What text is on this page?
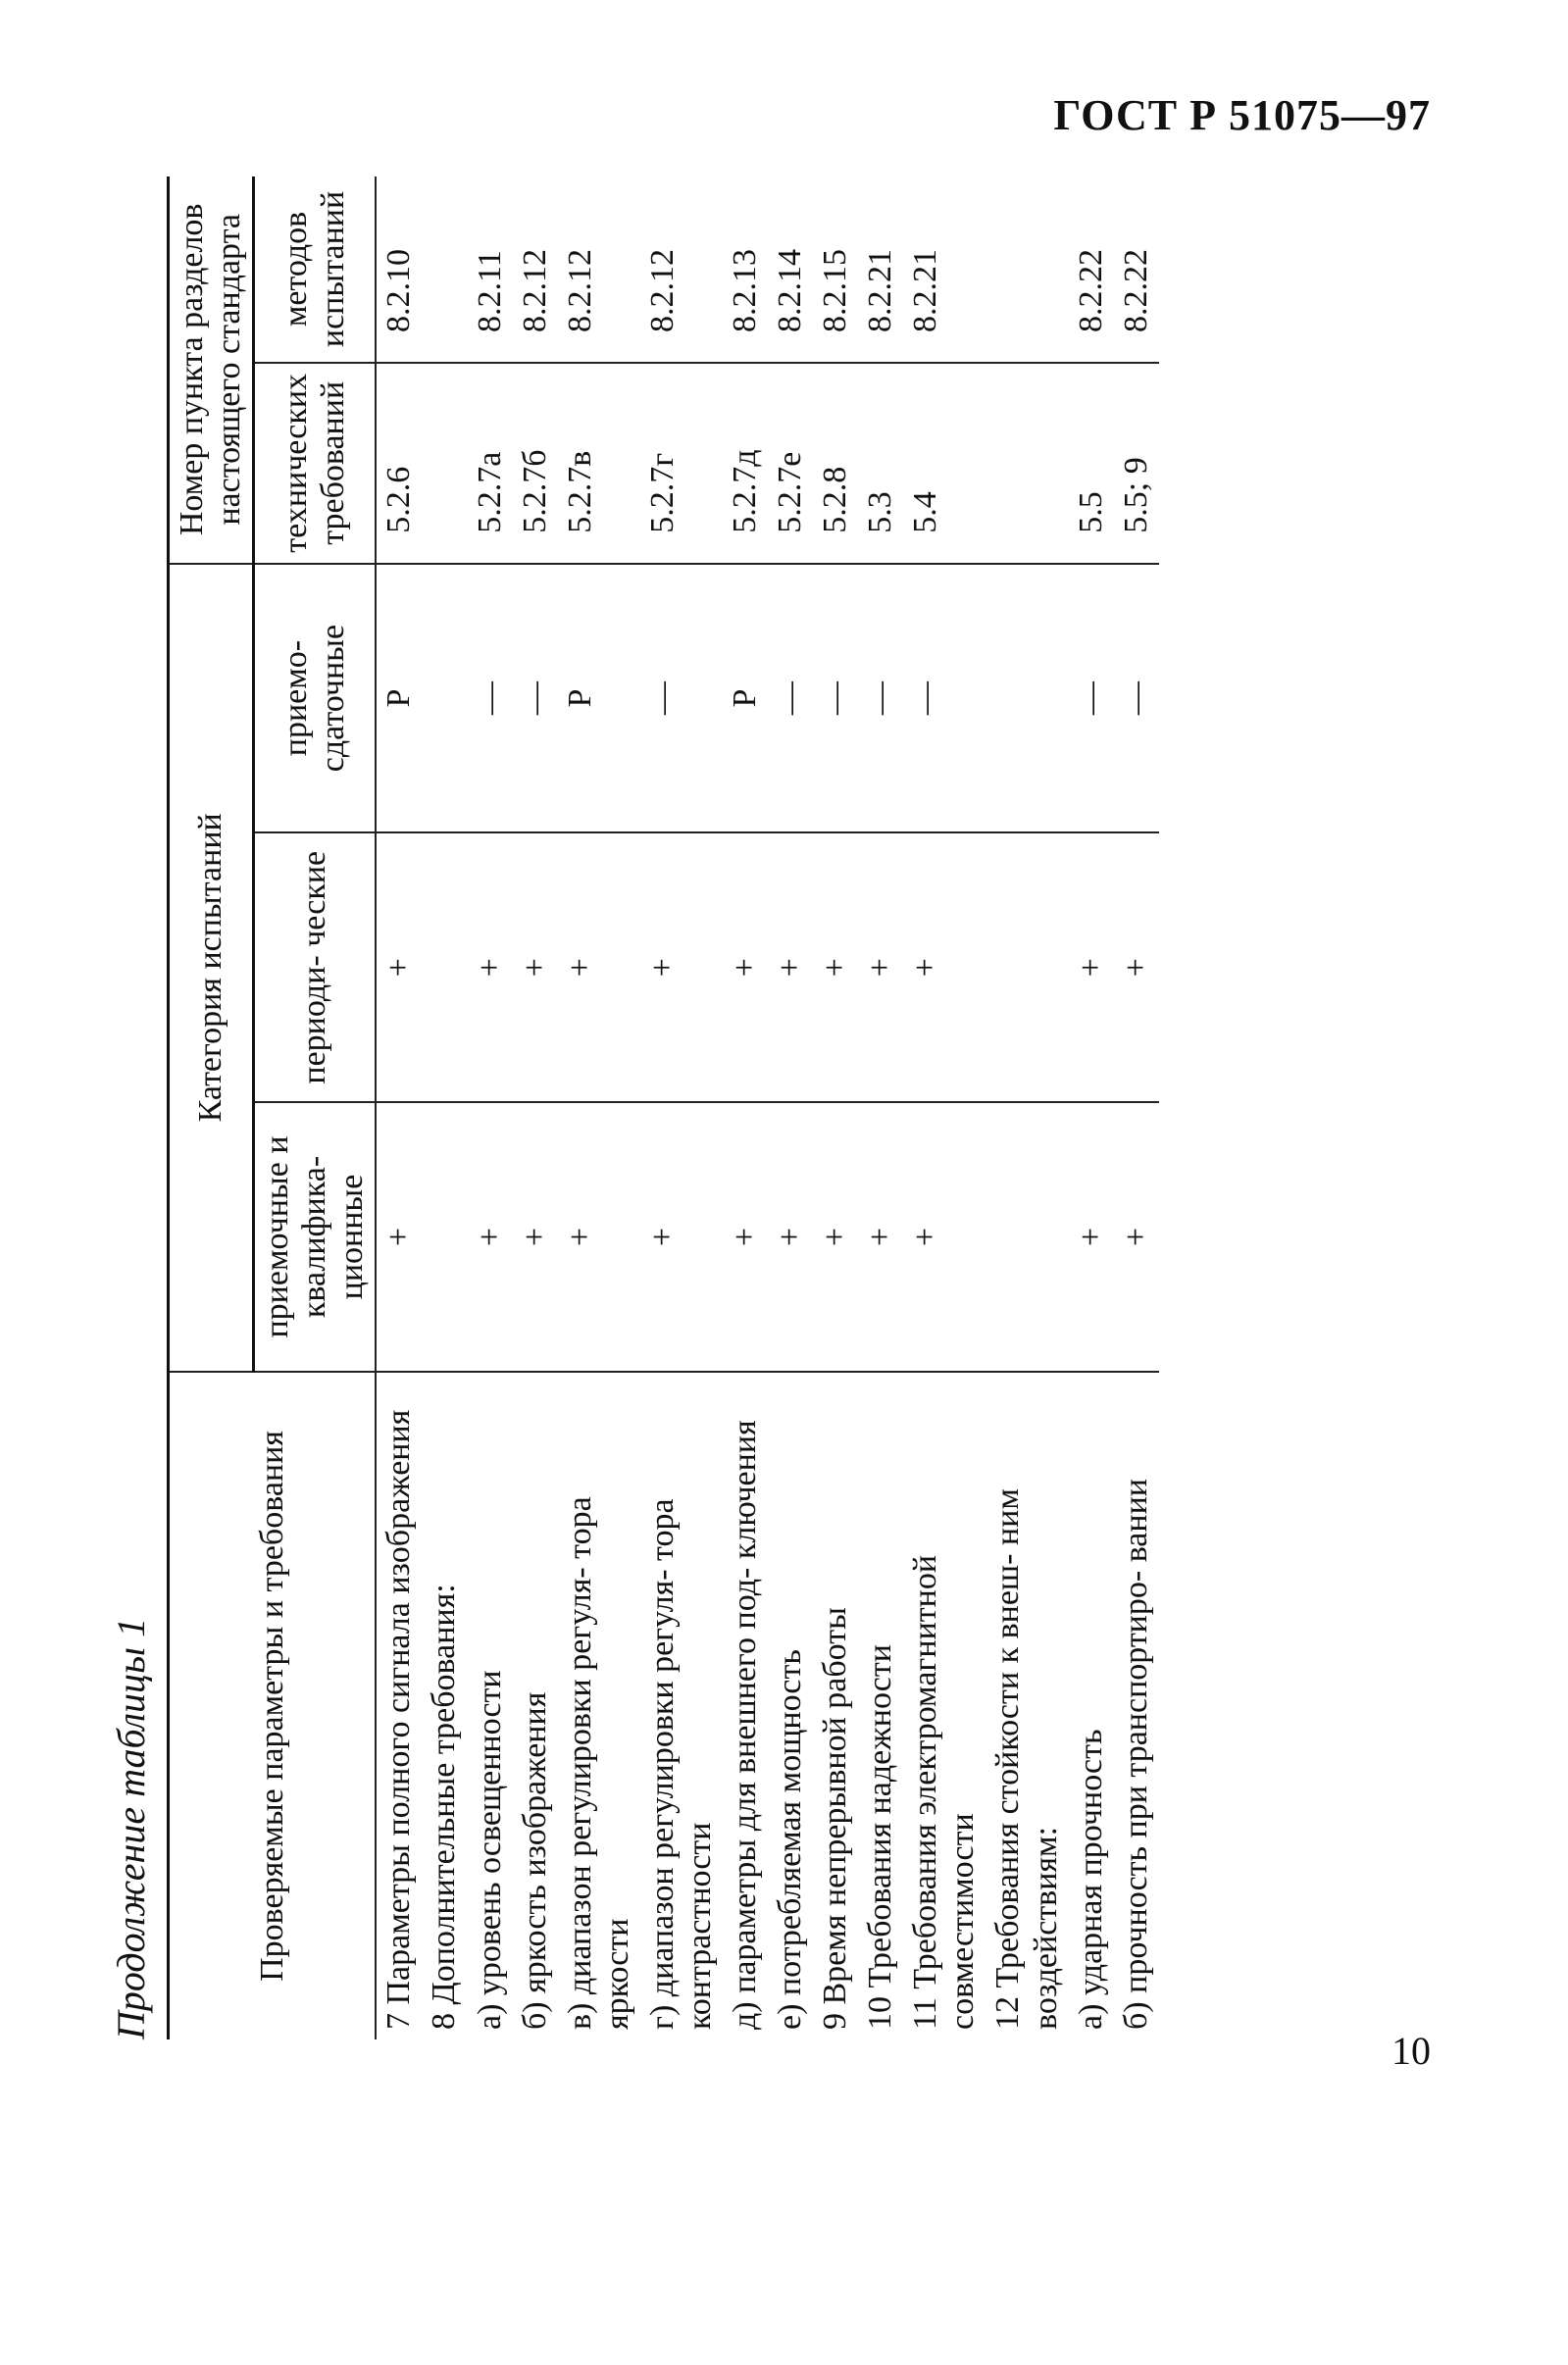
ГОСТ Р 51075—97
Продолжение таблицы 1	Проверяемые параметры и требования	Категория испытаний			Номер пункта разделов настоящего стандарта	
	приемочные и квалифика- ционные	периоди- ческие	приемо- сдаточные	технических требований	методов испытаний
7 Параметры полного сигнала изображения	+	+	Р	5.2.6	8.2.10
8 Дополнительные требования:					
а) уровень освещенности	+	+	—	5.2.7а	8.2.11
б) яркость изображения	+	+	—	5.2.7б	8.2.12
в) диапазон регулировки регуля- тора яркости	+	+	Р	5.2.7в	8.2.12
г) диапазон регулировки регуля- тора контрастности	+	+	—	5.2.7г	8.2.12
д) параметры для внешнего под- ключения	+	+	Р	5.2.7д	8.2.13
е) потребляемая мощность	+	+	—	5.2.7е	8.2.14
9 Время непрерывной работы	+	+	—	5.2.8	8.2.15
10 Требования надежности	+	+	—	5.3	8.2.21
11 Требования электромагнитной совместимости	+	+	—	5.4	8.2.21
12 Требования стойкости к внеш- ним воздействиям:					
а) ударная прочность	+	+	—	5.5	8.2.22
б) прочность при транспортиро- вании	+	+	—	5.5; 9	8.2.22
10
